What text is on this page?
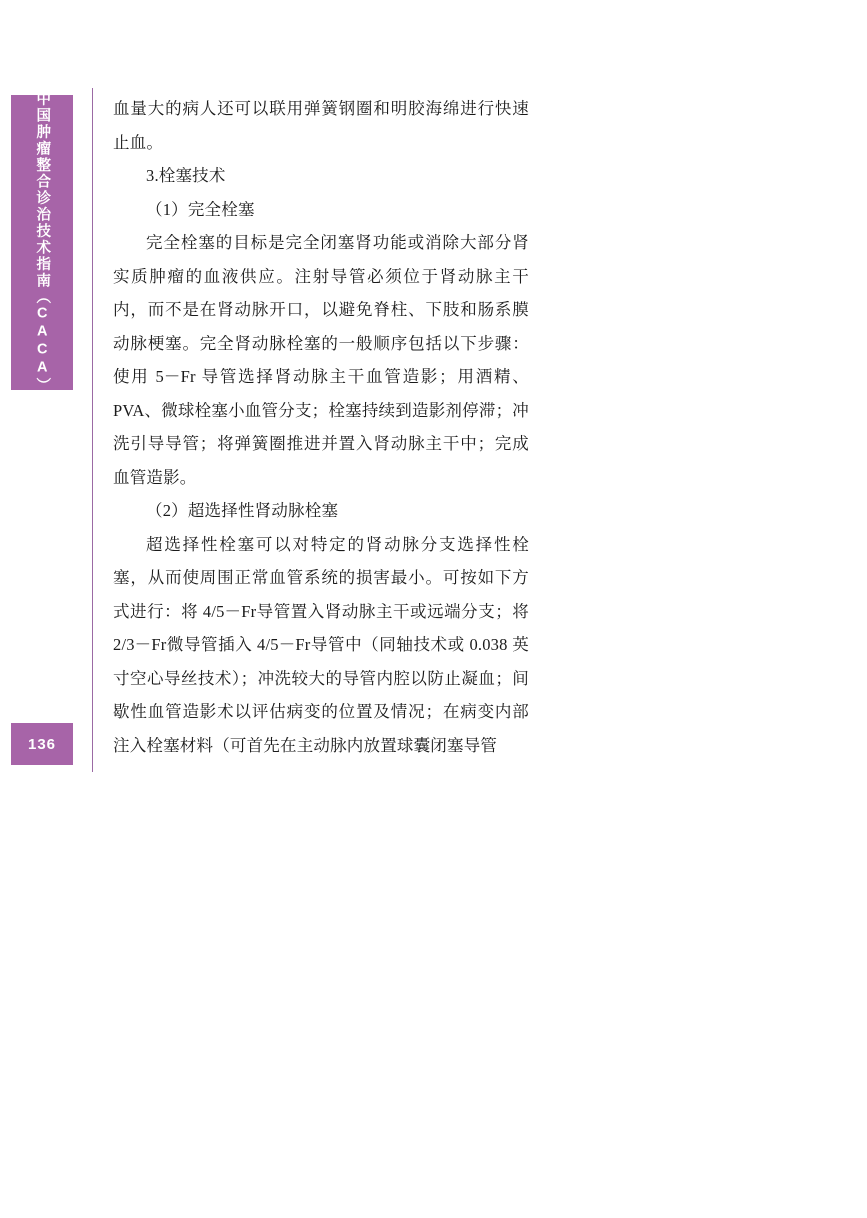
中国肿瘤整合诊治技术指南（CACA）
136

血量大的病人还可以联用弹簧钢圈和明胶海绵进行快速止血。

3.栓塞技术

（1）完全栓塞

完全栓塞的目标是完全闭塞肾功能或消除大部分肾实质肿瘤的血液供应。注射导管必须位于肾动脉主干内，而不是在肾动脉开口，以避免脊柱、下肢和肠系膜动脉梗塞。完全肾动脉栓塞的一般顺序包括以下步骤：使用 5－Fr 导管选择肾动脉主干血管造影；用酒精、PVA、微球栓塞小血管分支；栓塞持续到造影剂停滞；冲洗引导导管；将弹簧圈推进并置入肾动脉主干中；完成血管造影。

（2）超选择性肾动脉栓塞

超选择性栓塞可以对特定的肾动脉分支选择性栓塞，从而使周围正常血管系统的损害最小。可按如下方式进行：将 4/5－Fr导管置入肾动脉主干或远端分支；将 2/3－Fr微导管插入 4/5－Fr导管中（同轴技术或 0.038 英寸空心导丝技术）；冲洗较大的导管内腔以防止凝血；间歇性血管造影术以评估病变的位置及情况；在病变内部注入栓塞材料（可首先在主动脉内放置球囊闭塞导管
